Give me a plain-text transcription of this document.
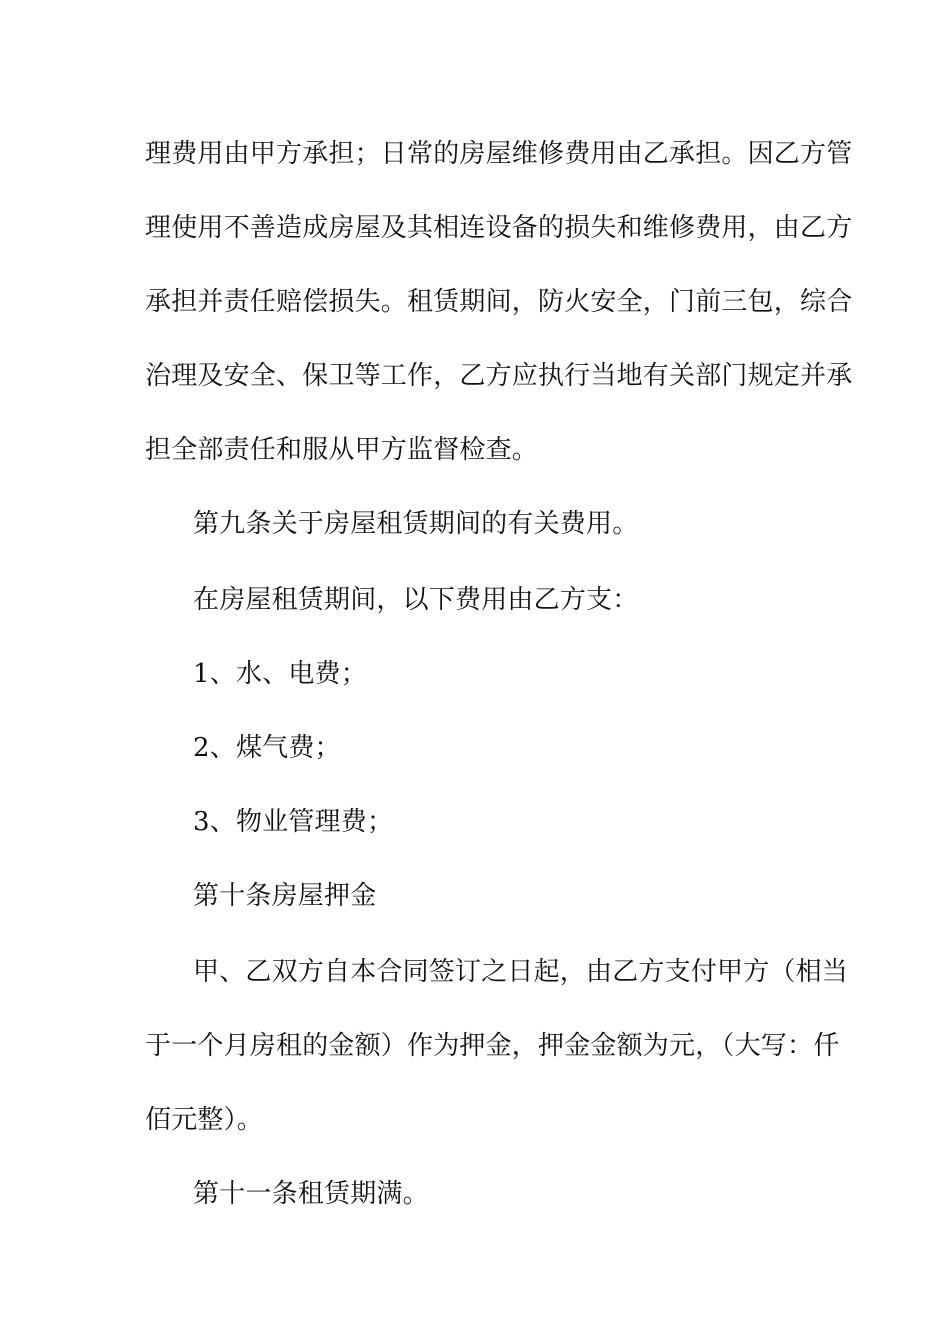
理费用由甲方承担；日常的房屋维修费用由乙承担。因乙方管
理使用不善造成房屋及其相连设备的损失和维修费用，由乙方
承担并责任赔偿损失。租赁期间，防火安全，门前三包，综合
治理及安全、保卫等工作，乙方应执行当地有关部门规定并承
担全部责任和服从甲方监督检查。
第九条关于房屋租赁期间的有关费用。
在房屋租赁期间，以下费用由乙方支：
1、水、电费；
2、煤气费；
3、物业管理费；
第十条房屋押金
甲、乙双方自本合同签订之日起，由乙方支付甲方（相当
于一个月房租的金额）作为押金，押金金额为元，（大写：仟
佰元整）。
第十一条租赁期满。
